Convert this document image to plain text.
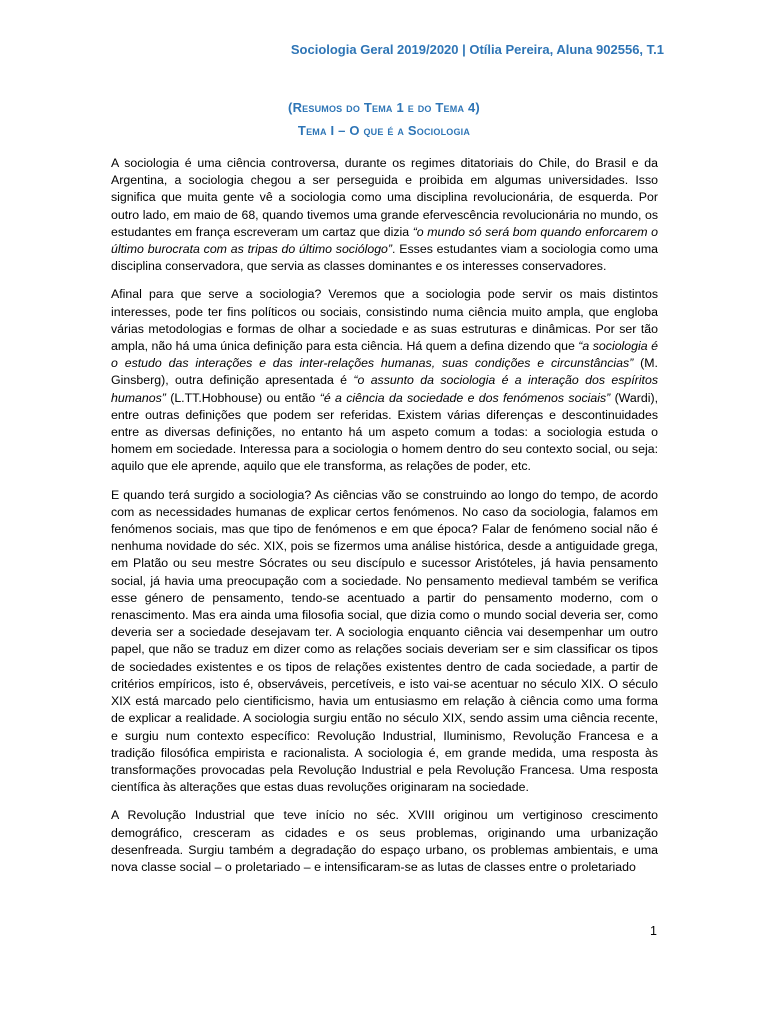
Sociologia Geral 2019/2020 | Otília Pereira, Aluna 902556, T.1
(Resumos do Tema 1 e do Tema 4)
Tema I – O que é a Sociologia

A sociologia é uma ciência controversa, durante os regimes ditatoriais do Chile, do Brasil e da Argentina, a sociologia chegou a ser perseguida e proibida em algumas universidades. Isso significa que muita gente vê a sociologia como uma disciplina revolucionária, de esquerda. Por outro lado, em maio de 68, quando tivemos uma grande efervescência revolucionária no mundo, os estudantes em frança escreveram um cartaz que dizia “o mundo só será bom quando enforcarem o último burocrata com as tripas do último sociólogo”. Esses estudantes viam a sociologia como uma disciplina conservadora, que servia as classes dominantes e os interesses conservadores.

Afinal para que serve a sociologia? Veremos que a sociologia pode servir os mais distintos interesses, pode ter fins políticos ou sociais, consistindo numa ciência muito ampla, que engloba várias metodologias e formas de olhar a sociedade e as suas estruturas e dinâmicas. Por ser tão ampla, não há uma única definição para esta ciência. Há quem a defina dizendo que “a sociologia é o estudo das interações e das inter-relações humanas, suas condições e circunstâncias” (M. Ginsberg), outra definição apresentada é “o assunto da sociologia é a interação dos espíritos humanos” (L.TT.Hobhouse) ou então “é a ciência da sociedade e dos fenómenos sociais” (Wardi), entre outras definições que podem ser referidas. Existem várias diferenças e descontinuidades entre as diversas definições, no entanto há um aspeto comum a todas: a sociologia estuda o homem em sociedade. Interessa para a sociologia o homem dentro do seu contexto social, ou seja: aquilo que ele aprende, aquilo que ele transforma, as relações de poder, etc.

E quando terá surgido a sociologia? As ciências vão se construindo ao longo do tempo, de acordo com as necessidades humanas de explicar certos fenómenos. No caso da sociologia, falamos em fenómenos sociais, mas que tipo de fenómenos e em que época? Falar de fenómeno social não é nenhuma novidade do séc. XIX, pois se fizermos uma análise histórica, desde a antiguidade grega, em Platão ou seu mestre Sócrates ou seu discípulo e sucessor Aristóteles, já havia pensamento social, já havia uma preocupação com a sociedade. No pensamento medieval também se verifica esse género de pensamento, tendo-se acentuado a partir do pensamento moderno, com o renascimento. Mas era ainda uma filosofia social, que dizia como o mundo social deveria ser, como deveria ser a sociedade desejavam ter. A sociologia enquanto ciência vai desempenhar um outro papel, que não se traduz em dizer como as relações sociais deveriam ser e sim classificar os tipos de sociedades existentes e os tipos de relações existentes dentro de cada sociedade, a partir de critérios empíricos, isto é, observáveis, percetíveis, e isto vai-se acentuar no século XIX. O século XIX está marcado pelo cientificismo, havia um entusiasmo em relação à ciência como uma forma de explicar a realidade. A sociologia surgiu então no século XIX, sendo assim uma ciência recente, e surgiu num contexto específico: Revolução Industrial, Iluminismo, Revolução Francesa e a tradição filosófica empirista e racionalista. A sociologia é, em grande medida, uma resposta às transformações provocadas pela Revolução Industrial e pela Revolução Francesa. Uma resposta científica às alterações que estas duas revoluções originaram na sociedade.

A Revolução Industrial que teve início no séc. XVIII originou um vertiginoso crescimento demográfico, cresceram as cidades e os seus problemas, originando uma urbanização desenfreada. Surgiu também a degradação do espaço urbano, os problemas ambientais, e uma nova classe social – o proletariado – e intensificaram-se as lutas de classes entre o proletariado

1
